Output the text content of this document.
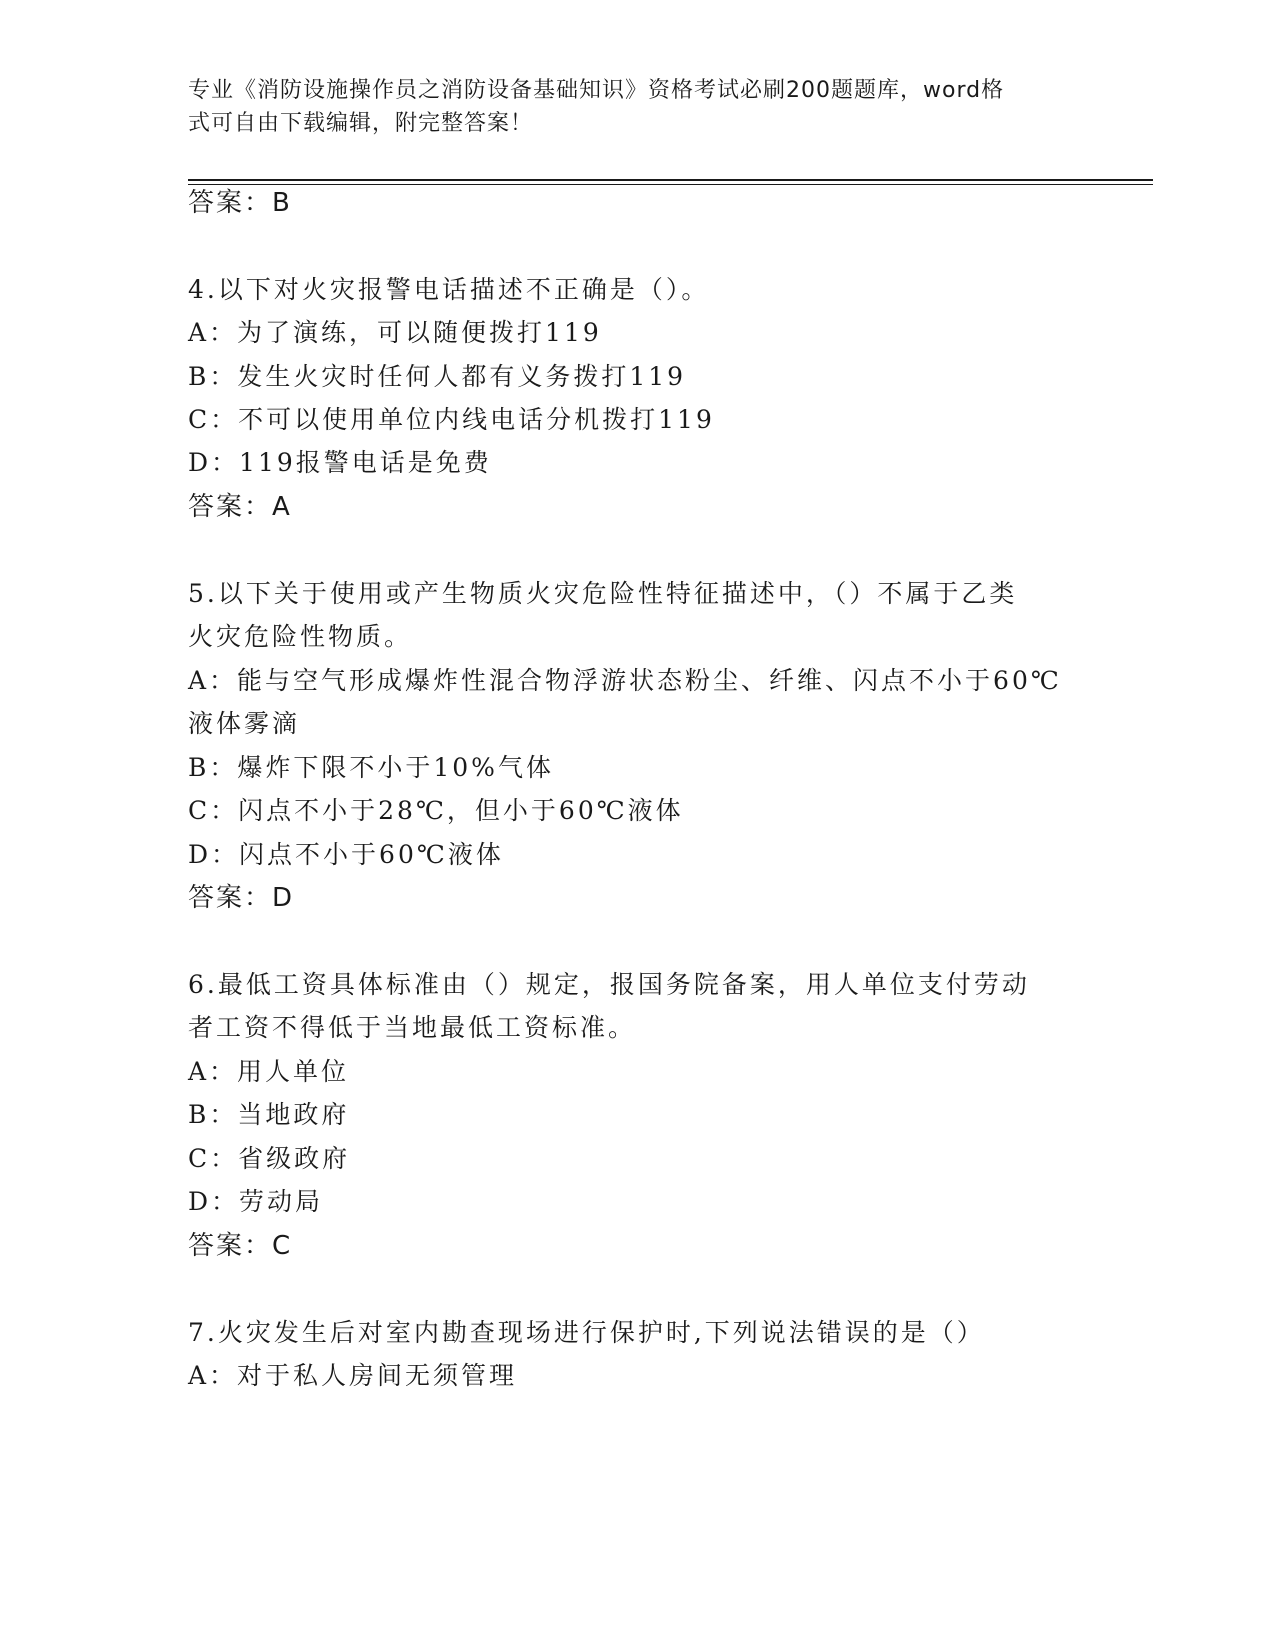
专业《消防设施操作员之消防设备基础知识》资格考试必刷200题题库，word格
式可自由下载编辑，附完整答案！
答案：B
4.以下对火灾报警电话描述不正确是（）。
A：为了演练，可以随便拨打119
B：发生火灾时任何人都有义务拨打119
C：不可以使用单位内线电话分机拨打119
D：119报警电话是免费
答案：A
5.以下关于使用或产生物质火灾危险性特征描述中，（）不属于乙类
火灾危险性物质。
A：能与空气形成爆炸性混合物浮游状态粉尘、纤维、闪点不小于60℃
液体雾滴
B：爆炸下限不小于10%气体
C：闪点不小于28℃，但小于60℃液体
D：闪点不小于60℃液体
答案：D
6.最低工资具体标准由（）规定，报国务院备案，用人单位支付劳动
者工资不得低于当地最低工资标准。
A：用人单位
B：当地政府
C：省级政府
D：劳动局
答案：C
7.火灾发生后对室内勘查现场进行保护时,下列说法错误的是（）
A：对于私人房间无须管理
